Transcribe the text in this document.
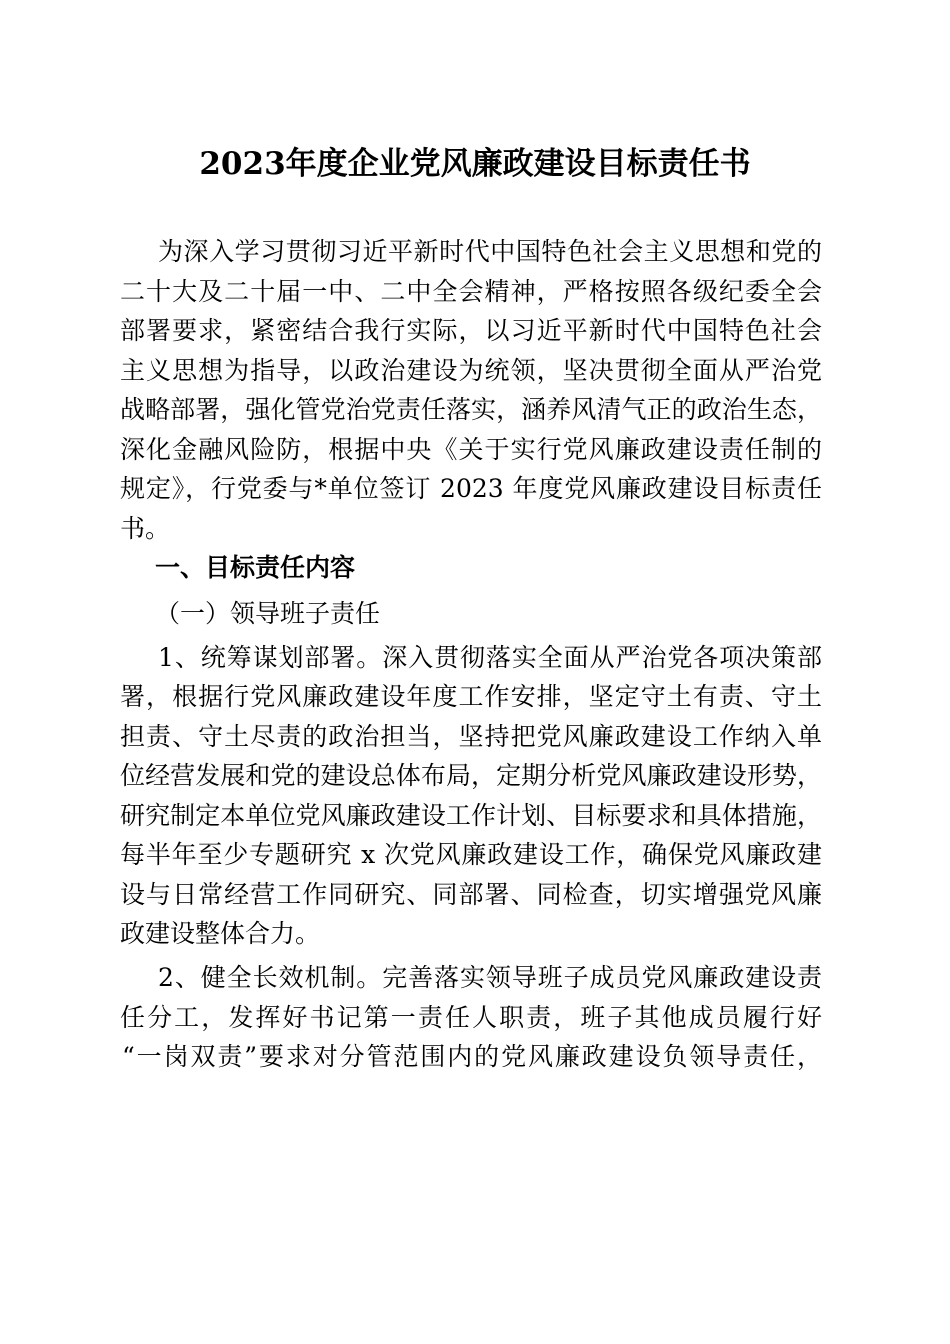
2023年度企业党风廉政建设目标责任书
为深入学习贯彻习近平新时代中国特色社会主义思想和党的
二十大及二十届一中、二中全会精神，严格按照各级纪委全会
部署要求，紧密结合我行实际，以习近平新时代中国特色社会
主义思想为指导，以政治建设为统领，坚决贯彻全面从严治党
战略部署，强化管党治党责任落实，涵养风清气正的政治生态，
深化金融风险防，根据中央《关于实行党风廉政建设责任制的
规定》，行党委与*单位签订 2023 年度党风廉政建设目标责任
书。
一、目标责任内容
（一）领导班子责任
1、统筹谋划部署。深入贯彻落实全面从严治党各项决策部
署，根据行党风廉政建设年度工作安排，坚定守土有责、守土
担责、守土尽责的政治担当，坚持把党风廉政建设工作纳入单
位经营发展和党的建设总体布局，定期分析党风廉政建设形势，
研究制定本单位党风廉政建设工作计划、目标要求和具体措施，
每半年至少专题研究 x 次党风廉政建设工作，确保党风廉政建
设与日常经营工作同研究、同部署、同检查，切实增强党风廉
政建设整体合力。
2、健全长效机制。完善落实领导班子成员党风廉政建设责
任分工，发挥好书记第一责任人职责，班子其他成员履行好
“一岗双责”要求对分管范围内的党风廉政建设负领导责任，
